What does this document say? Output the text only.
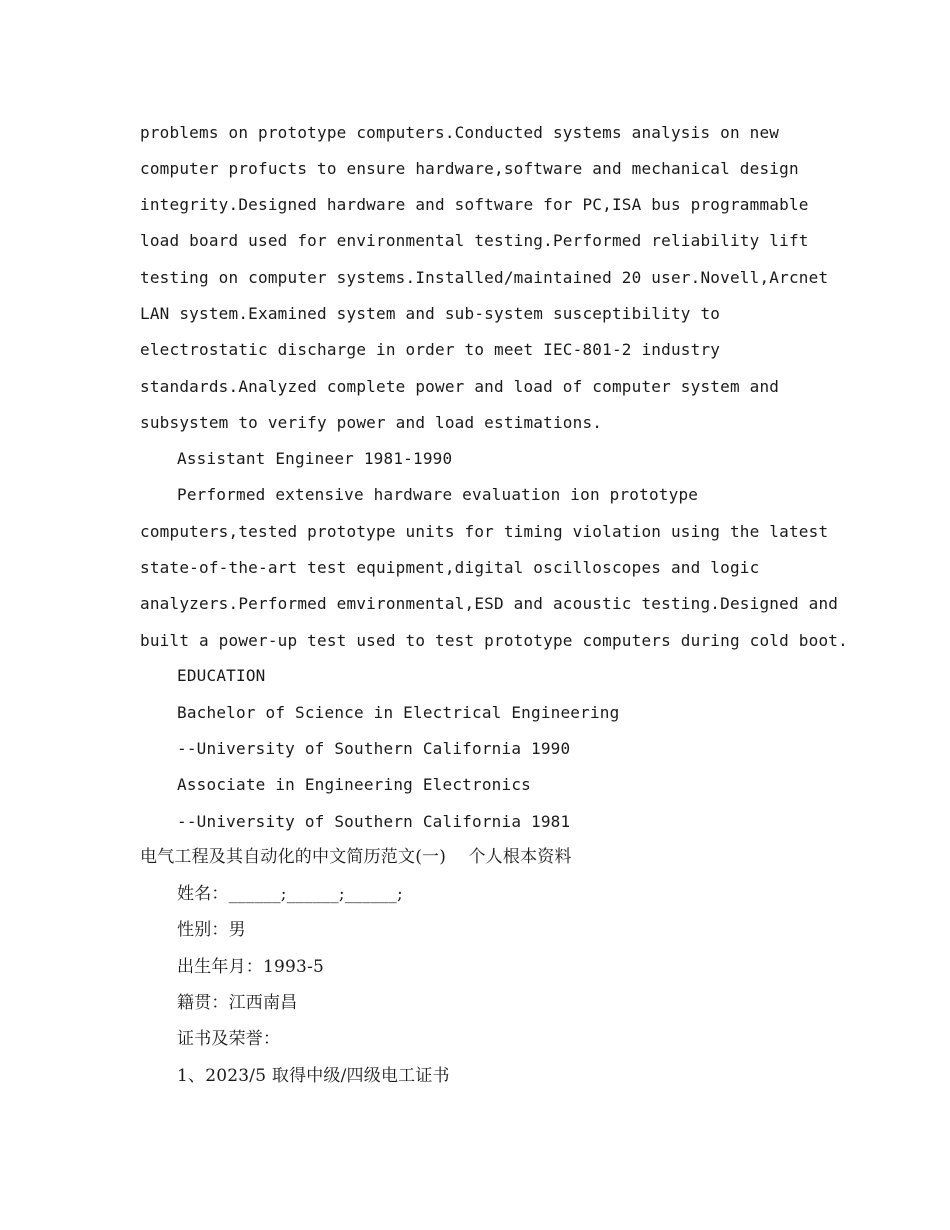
problems on prototype computers.Conducted systems analysis on new
computer profucts to ensure hardware,software and mechanical design
integrity.Designed hardware and software for PC,ISA bus programmable
load board used for environmental testing.Performed reliability lift
testing on computer systems.Installed/maintained 20 user.Novell,Arcnet
LAN system.Examined system and sub-system susceptibility to
electrostatic discharge in order to meet IEC-801-2 industry
standards.Analyzed complete power and load of computer system and
subsystem to verify power and load estimations.
Assistant Engineer 1981-1990
Performed extensive hardware evaluation ion prototype
computers,tested prototype units for timing violation using the latest
state-of-the-art test equipment,digital oscilloscopes and logic
analyzers.Performed emvironmental,ESD and acoustic testing.Designed and
built a power-up test used to test prototype computers during cold boot.
EDUCATION
Bachelor of Science in Electrical Engineering
--University of Southern California 1990
Associate in Engineering Electronics
--University of Southern California 1981
电气工程及其自动化的中文简历范文(一)    个人根本资料
姓名：______;______;______;
性别：男
出生年月：1993-5
籍贯：江西南昌
证书及荣誉：
1、2023/5 取得中级/四级电工证书
